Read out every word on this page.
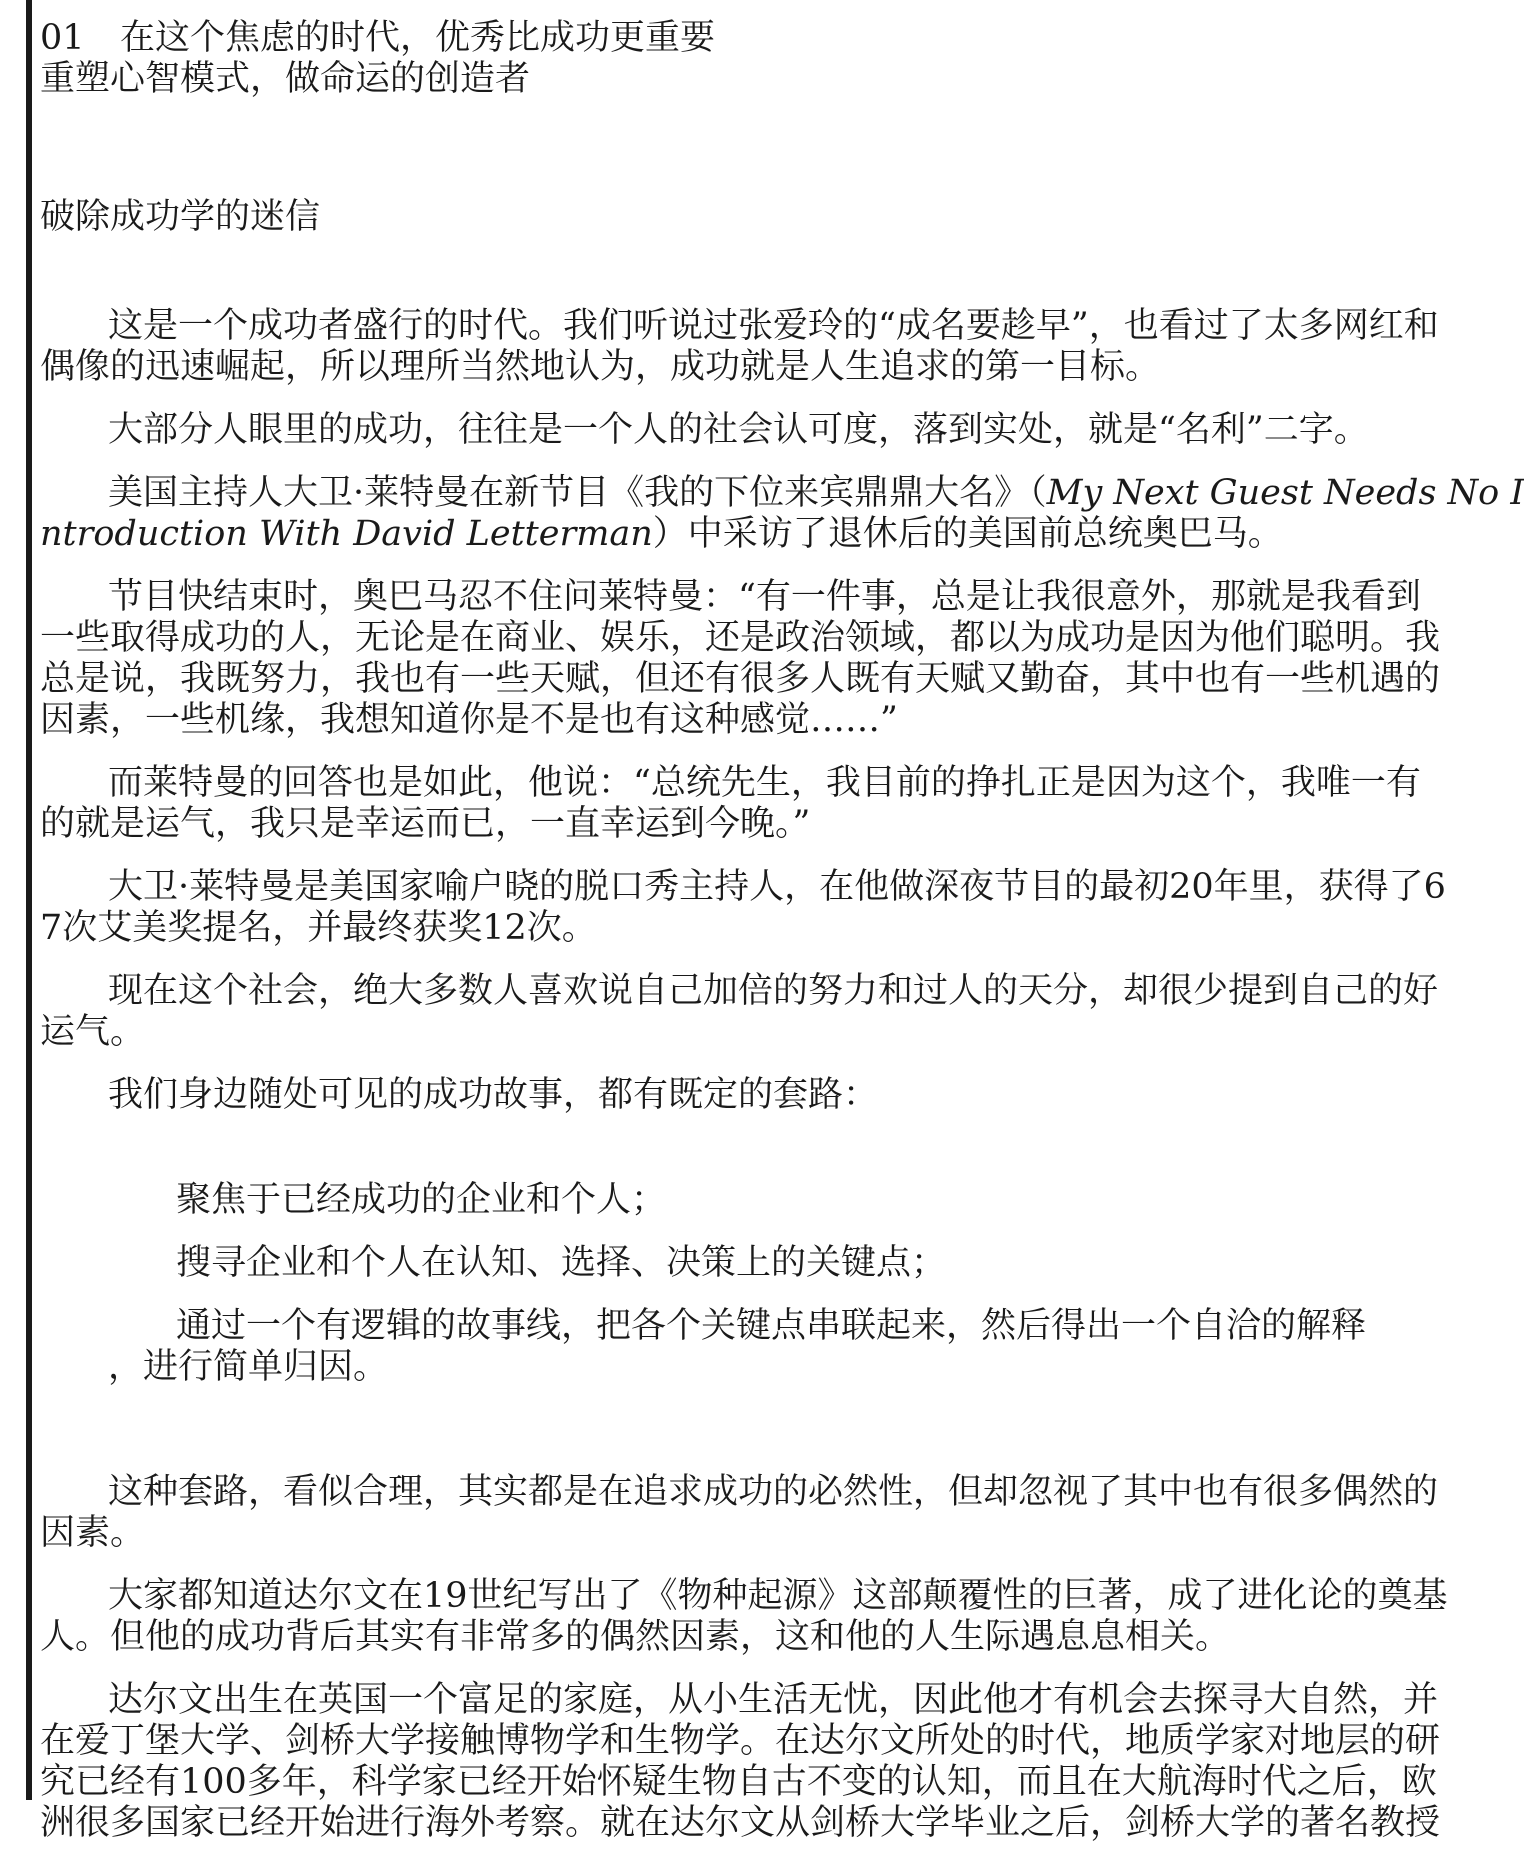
01 在这个焦虑的时代，优秀比成功更重要
重塑心智模式，做命运的创造者
破除成功学的迷信

这是一个成功者盛行的时代。我们听说过张爱玲的“成名要趁早”，也看过了太多网红和
偶像的迅速崛起，所以理所当然地认为，成功就是人生追求的第一目标。

大部分人眼里的成功，往往是一个人的社会认可度，落到实处，就是“名利”二字。

美国主持人大卫·莱特曼在新节目《我的下位来宾鼎鼎大名》（My Next Guest Needs No I
ntroduction With David Letterman）中采访了退休后的美国前总统奥巴马。

节目快结束时，奥巴马忍不住问莱特曼：“有一件事，总是让我很意外，那就是我看到
一些取得成功的人，无论是在商业、娱乐，还是政治领域，都以为成功是因为他们聪明。我
总是说，我既努力，我也有一些天赋，但还有很多人既有天赋又勤奋，其中也有一些机遇的
因素，一些机缘，我想知道你是不是也有这种感觉……”

而莱特曼的回答也是如此，他说：“总统先生，我目前的挣扎正是因为这个，我唯一有
的就是运气，我只是幸运而已，一直幸运到今晚。”

大卫·莱特曼是美国家喻户晓的脱口秀主持人，在他做深夜节目的最初20年里，获得了6
7次艾美奖提名，并最终获奖12次。

现在这个社会，绝大多数人喜欢说自己加倍的努力和过人的天分，却很少提到自己的好
运气。

我们身边随处可见的成功故事，都有既定的套路：

聚焦于已经成功的企业和个人；

搜寻企业和个人在认知、选择、决策上的关键点；

通过一个有逻辑的故事线，把各个关键点串联起来，然后得出一个自洽的解释
，进行简单归因。

这种套路，看似合理，其实都是在追求成功的必然性，但却忽视了其中也有很多偶然的
因素。

大家都知道达尔文在19世纪写出了《物种起源》这部颠覆性的巨著，成了进化论的奠基
人。但他的成功背后其实有非常多的偶然因素，这和他的人生际遇息息相关。

达尔文出生在英国一个富足的家庭，从小生活无忧，因此他才有机会去探寻大自然，并
在爱丁堡大学、剑桥大学接触博物学和生物学。在达尔文所处的时代，地质学家对地层的研
究已经有100多年，科学家已经开始怀疑生物自古不变的认知，而且在大航海时代之后，欧
洲很多国家已经开始进行海外考察。就在达尔文从剑桥大学毕业之后，剑桥大学的著名教授
